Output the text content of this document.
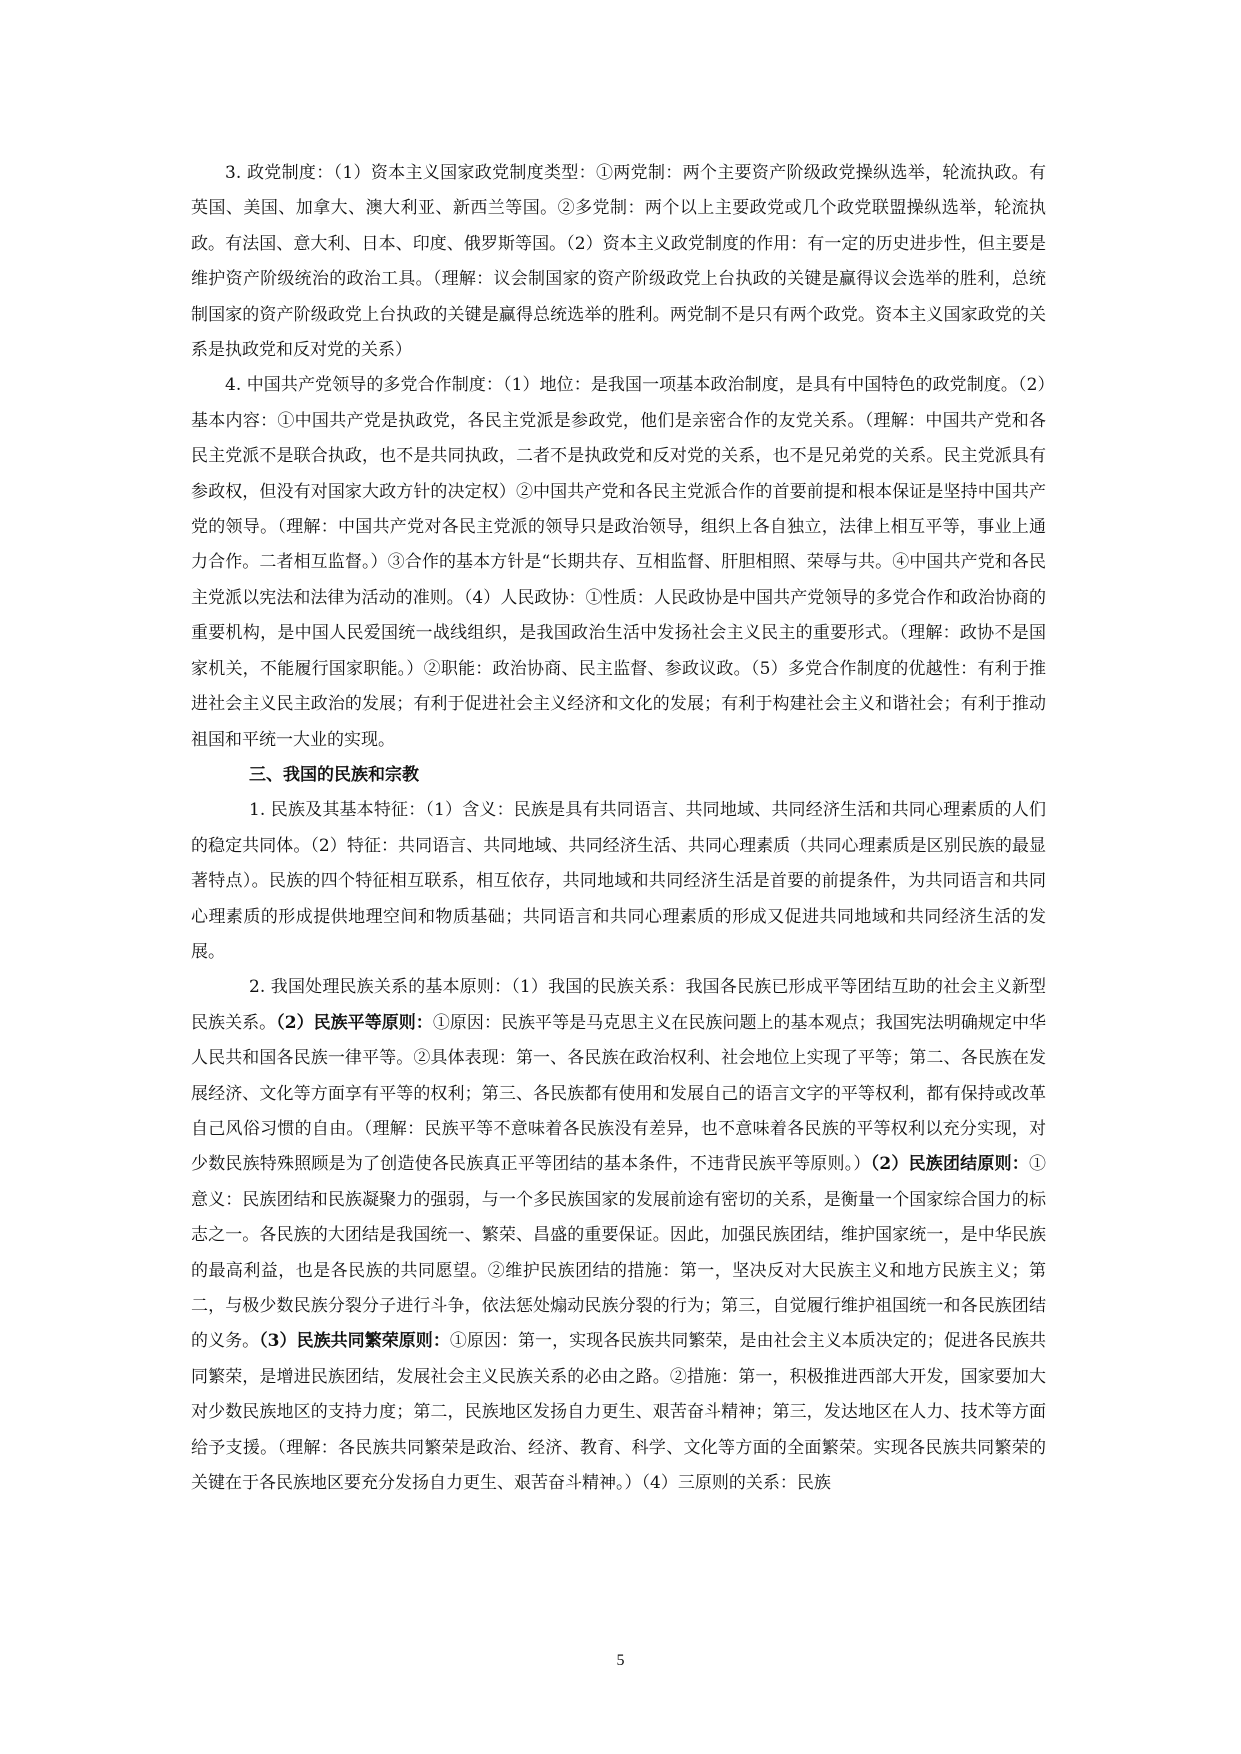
3. 政党制度：（1）资本主义国家政党制度类型：①两党制：两个主要资产阶级政党操纵选举，轮流执政。有英国、美国、加拿大、澳大利亚、新西兰等国。②多党制：两个以上主要政党或几个政党联盟操纵选举，轮流执政。有法国、意大利、日本、印度、俄罗斯等国。（2）资本主义政党制度的作用：有一定的历史进步性，但主要是维护资产阶级统治的政治工具。（理解：议会制国家的资产阶级政党上台执政的关键是赢得议会选举的胜利，总统制国家的资产阶级政党上台执政的关键是赢得总统选举的胜利。两党制不是只有两个政党。资本主义国家政党的关系是执政党和反对党的关系）

4. 中国共产党领导的多党合作制度：（1）地位：是我国一项基本政治制度，是具有中国特色的政党制度。（2）基本内容：①中国共产党是执政党，各民主党派是参政党，他们是亲密合作的友党关系。（理解：中国共产党和各民主党派不是联合执政，也不是共同执政，二者不是执政党和反对党的关系，也不是兄弟党的关系。民主党派具有参政权，但没有对国家大政方针的决定权）②中国共产党和各民主党派合作的首要前提和根本保证是坚持中国共产党的领导。（理解：中国共产党对各民主党派的领导只是政治领导，组织上各自独立，法律上相互平等，事业上通力合作。二者相互监督。）③合作的基本方针是“长期共存、互相监督、肝胆相照、荣辱与共。④中国共产党和各民主党派以宪法和法律为活动的准则。（4）人民政协：①性质：人民政协是中国共产党领导的多党合作和政治协商的重要机构，是中国人民爱国统一战线组织，是我国政治生活中发扬社会主义民主的重要形式。（理解：政协不是国家机关，不能履行国家职能。）②职能：政治协商、民主监督、参政议政。（5）多党合作制度的优越性：有利于推进社会主义民主政治的发展；有利于促进社会主义经济和文化的发展；有利于构建社会主义和谐社会；有利于推动祖国和平统一大业的实现。

三、我国的民族和宗教

1. 民族及其基本特征：（1）含义：民族是具有共同语言、共同地域、共同经济生活和共同心理素质的人们的稳定共同体。（2）特征：共同语言、共同地域、共同经济生活、共同心理素质（共同心理素质是区别民族的最显著特点）。民族的四个特征相互联系，相互依存，共同地域和共同经济生活是首要的前提条件，为共同语言和共同心理素质的形成提供地理空间和物质基础；共同语言和共同心理素质的形成又促进共同地域和共同经济生活的发展。

2. 我国处理民族关系的基本原则：（1）我国的民族关系：我国各民族已形成平等团结互助的社会主义新型民族关系。（2）民族平等原则：①原因：民族平等是马克思主义在民族问题上的基本观点；我国宪法明确规定中华人民共和国各民族一律平等。②具体表现：第一、各民族在政治权利、社会地位上实现了平等；第二、各民族在发展经济、文化等方面享有平等的权利；第三、各民族都有使用和发展自己的语言文字的平等权利，都有保持或改革自己风俗习惯的自由。（理解：民族平等不意味着各民族没有差异，也不意味着各民族的平等权利以充分实现，对少数民族特殊照顾是为了创造使各民族真正平等团结的基本条件，不违背民族平等原则。）（2）民族团结原则：①意义：民族团结和民族凝聚力的强弱，与一个多民族国家的发展前途有密切的关系，是衡量一个国家综合国力的标志之一。各民族的大团结是我国统一、繁荣、昌盛的重要保证。因此，加强民族团结，维护国家统一，是中华民族的最高利益，也是各民族的共同愿望。②维护民族团结的措施：第一，坚决反对大民族主义和地方民族主义；第二，与极少数民族分裂分子进行斗争，依法惩处煽动民族分裂的行为；第三，自觉履行维护祖国统一和各民族团结的义务。（3）民族共同繁荣原则：①原因：第一，实现各民族共同繁荣，是由社会主义本质决定的；促进各民族共同繁荣，是增进民族团结，发展社会主义民族关系的必由之路。②措施：第一，积极推进西部大开发，国家要加大对少数民族地区的支持力度；第二，民族地区发扬自力更生、艰苦奋斗精神；第三，发达地区在人力、技术等方面给予支援。（理解：各民族共同繁荣是政治、经济、教育、科学、文化等方面的全面繁荣。实现各民族共同繁荣的关键在于各民族地区要充分发扬自力更生、艰苦奋斗精神。）（4）三原则的关系：民族

5
